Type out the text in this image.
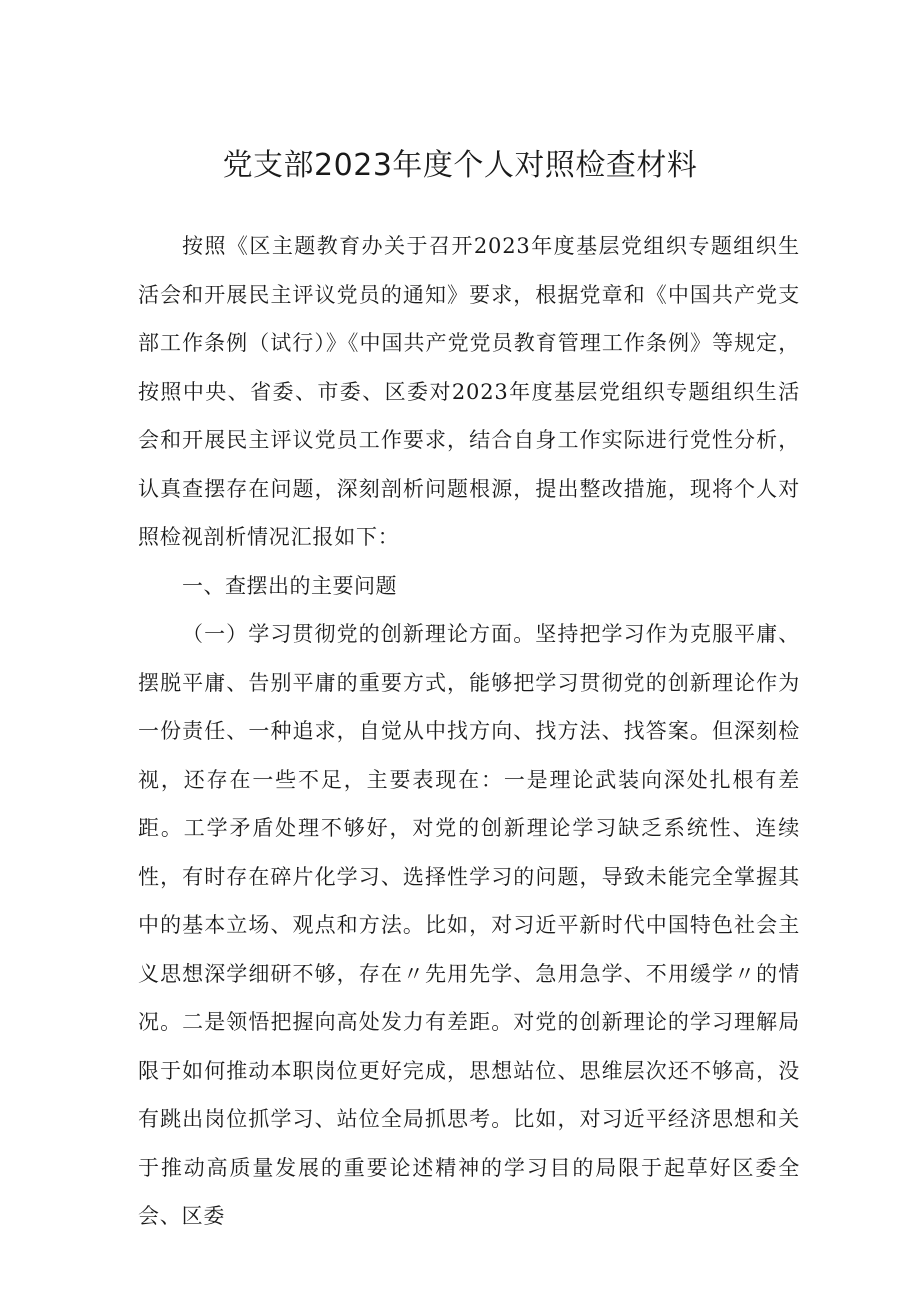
党支部2023年度个人对照检查材料

按照《区主题教育办关于召开2023年度基层党组织专题组织生活会和开展民主评议党员的通知》要求，根据党章和《中国共产党支部工作条例（试行）》《中国共产党党员教育管理工作条例》等规定，按照中央、省委、市委、区委对2023年度基层党组织专题组织生活会和开展民主评议党员工作要求，结合自身工作实际进行党性分析，认真查摆存在问题，深刻剖析问题根源，提出整改措施，现将个人对照检视剖析情况汇报如下：

一、查摆出的主要问题

（一）学习贯彻党的创新理论方面。坚持把学习作为克服平庸、摆脱平庸、告别平庸的重要方式，能够把学习贯彻党的创新理论作为一份责任、一种追求，自觉从中找方向、找方法、找答案。但深刻检视，还存在一些不足，主要表现在：一是理论武装向深处扎根有差距。工学矛盾处理不够好，对党的创新理论学习缺乏系统性、连续性，有时存在碎片化学习、选择性学习的问题，导致未能完全掌握其中的基本立场、观点和方法。比如，对习近平新时代中国特色社会主义思想深学细研不够，存在〃先用先学、急用急学、不用缓学〃的情况。二是领悟把握向高处发力有差距。对党的创新理论的学习理解局限于如何推动本职岗位更好完成，思想站位、思维层次还不够高，没有跳出岗位抓学习、站位全局抓思考。比如，对习近平经济思想和关于推动高质量发展的重要论述精神的学习目的局限于起草好区委全会、区委
